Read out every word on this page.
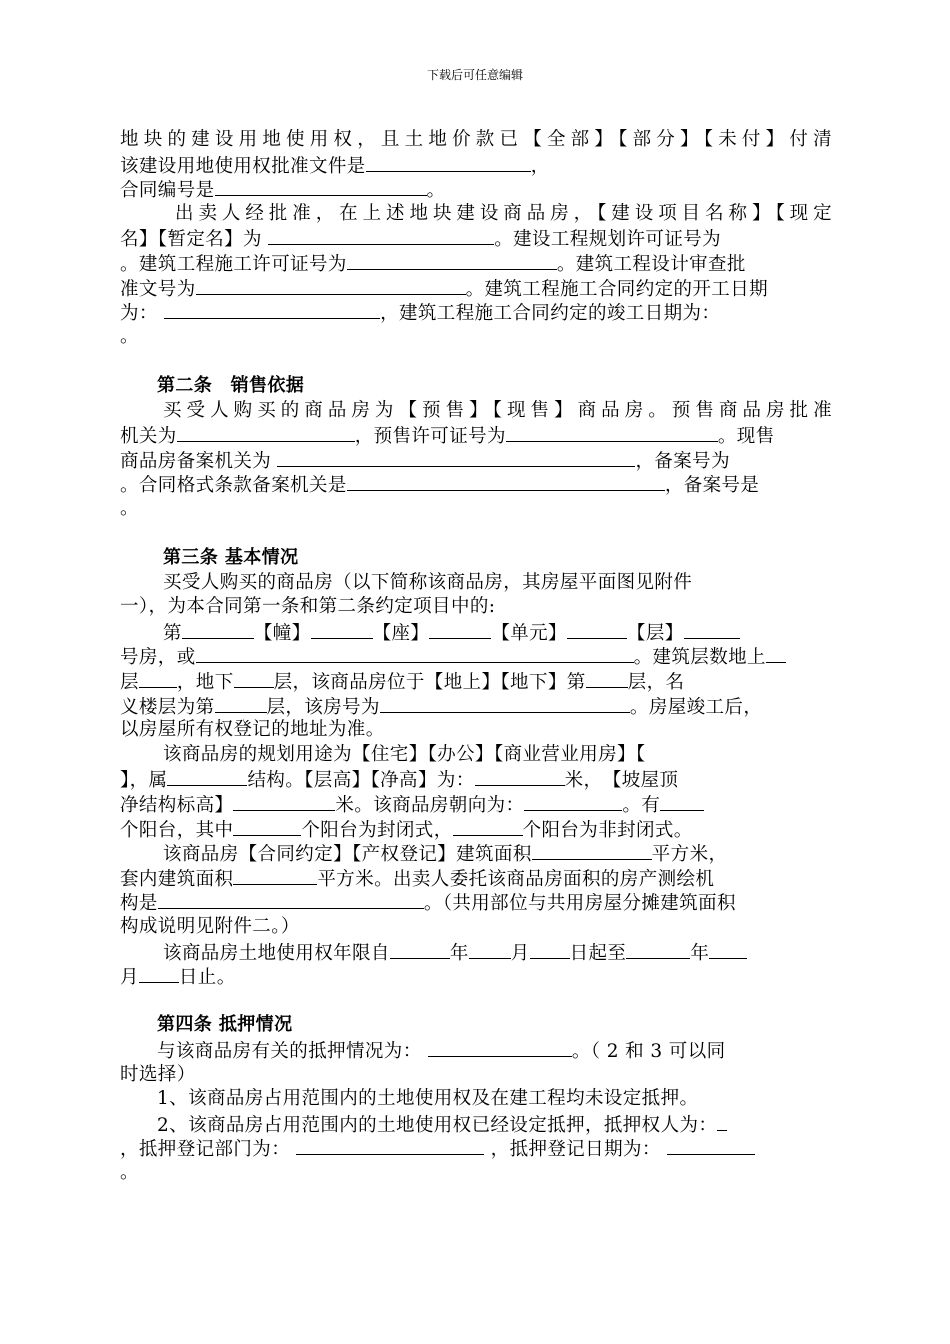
下载后可任意编辑
地块的建设用地使用权，且土地价款已【全部】【部分】【未付】付清
该建设用地使用权批准文件是	，
合同编号是	。
出卖人经批准，在上述地块建设商品房，【建设项目名称】【现定
名】【暂定名】为	。建设工程规划许可证号为
。建筑工程施工许可证号为	。建筑工程设计审查批
准文号为	。建筑工程施工合同约定的开工日期
为：	，建筑工程施工合同约定的竣工日期为：
。
第二条　销售依据
买受人购买的商品房为【预售】【现售】商品房。预售商品房批准
机关为	，预售许可证号为	。现售
商品房备案机关为	，备案号为
。合同格式条款备案机关是	，备案号是
。
第三条 基本情况
买受人购买的商品房（以下简称该商品房，其房屋平面图见附件
一），为本合同第一条和第二条约定项目中的:
第	【幢】	【座】	【单元】	【层】
号房，或	。建筑层数地上
层 ，地下 层，该商品房位于【地上】【地下】第 层，名
义楼层为第	层，该房号为	。房屋竣工后，
以房屋所有权登记的地址为准。
该商品房的规划用途为【住宅】【办公】【商业营业用房】【
】，属	结构。【层高】【净高】为：	米，　【坡屋顶
净结构标高】	米。该商品房朝向为：	。有
个阳台，其中	个阳台为封闭式，	个阳台为非封闭式。
该商品房【合同约定】【产权登记】建筑面积	平方米，
套内建筑面积	平方米。出卖人委托该商品房面积的房产测绘机
构是	。（共用部位与共用房屋分摊建筑面积
构成说明见附件二。）
该商品房土地使用权年限自	年 月 日起至	年
月 日止。
第四条 抵押情况
与该商品房有关的抵押情况为：	。（ 2 和 3 可以同
时选择）
1、该商品房占用范围内的土地使用权及在建工程均未设定抵押。
2、该商品房占用范围内的土地使用权已经设定抵押，抵押权人为：
，抵押登记部门为：	，抵押登记日期为：
。
